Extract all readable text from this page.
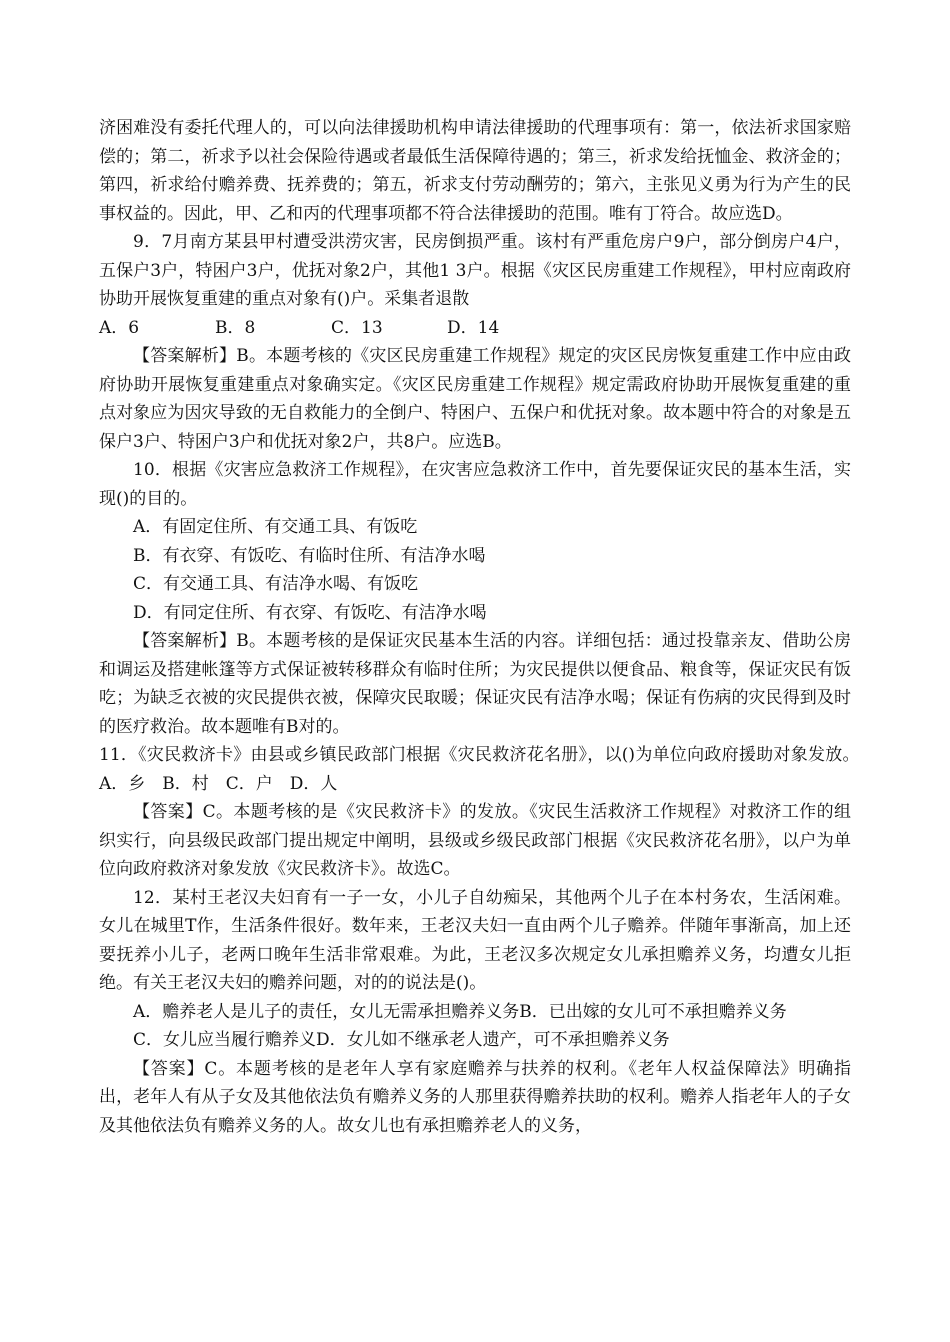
济困难没有委托代理人的，可以向法律援助机构申请法律援助的代理事项有：第一，依法祈求国家赔偿的；第二，祈求予以社会保险待遇或者最低生活保障待遇的；第三，祈求发给抚恤金、救济金的；第四，祈求给付赡养费、抚养费的；第五，祈求支付劳动酬劳的；第六，主张见义勇为行为产生的民事权益的。因此，甲、乙和丙的代理事项都不符合法律援助的范围。唯有丁符合。故应选D。

9．7月南方某县甲村遭受洪涝灾害，民房倒损严重。该村有严重危房户9户，部分倒房户4户，五保户3户，特困户3户，优抚对象2户，其他1 3户。根据《灾区民房重建工作规程》，甲村应南政府协助开展恢复重建的重点对象有()户。采集者退散

A．6	B．8	C．13	D．14

【答案解析】B。本题考核的《灾区民房重建工作规程》规定的灾区民房恢复重建工作中应由政府协助开展恢复重建重点对象确实定。《灾区民房重建工作规程》规定需政府协助开展恢复重建的重点对象应为因灾导致的无自救能力的全倒户、特困户、五保户和优抚对象。故本题中符合的对象是五保户3户、特困户3户和优抚对象2户，共8户。应选B。

10．根据《灾害应急救济工作规程》，在灾害应急救济工作中，首先要保证灾民的基本生活，实现()的目的。

A．有固定住所、有交通工具、有饭吃

B．有衣穿、有饭吃、有临时住所、有洁净水喝

C．有交通工具、有洁净水喝、有饭吃

D．有同定住所、有衣穿、有饭吃、有洁净水喝

【答案解析】B。本题考核的是保证灾民基本生活的内容。详细包括：通过投靠亲友、借助公房和调运及搭建帐篷等方式保证被转移群众有临时住所；为灾民提供以便食品、粮食等，保证灾民有饭吃；为缺乏衣被的灾民提供衣被，保障灾民取暖；保证灾民有洁净水喝；保证有伤病的灾民得到及时的医疗救治。故本题唯有B对的。

11．《灾民救济卡》由县或乡镇民政部门根据《灾民救济花名册》，以()为单位向政府援助对象发放。　A．乡　B．村　C．户　D．人

【答案】C。本题考核的是《灾民救济卡》的发放。《灾民生活救济工作规程》对救济工作的组织实行，向县级民政部门提出规定中阐明，县级或乡级民政部门根据《灾民救济花名册》，以户为单位向政府救济对象发放《灾民救济卡》。故选C。

12．某村王老汉夫妇育有一子一女，小儿子自幼痴呆，其他两个儿子在本村务农，生活闲难。女儿在城里T作，生活条件很好。数年来，王老汉夫妇一直由两个儿子赡养。伴随年事渐高，加上还要抚养小儿子，老两口晚年生活非常艰难。为此，王老汉多次规定女儿承担赡养义务，均遭女儿拒绝。有关王老汉夫妇的赡养问题，对的的说法是()。

A．赡养老人是儿子的责任，女儿无需承担赡养义务B．已出嫁的女儿可不承担赡养义务

C．女儿应当履行赡养义D．女儿如不继承老人遗产，可不承担赡养义务

【答案】C。本题考核的是老年人享有家庭赡养与扶养的权利。《老年人权益保障法》明确指出，老年人有从子女及其他依法负有赡养义务的人那里获得赡养扶助的权利。赡养人指老年人的子女及其他依法负有赡养义务的人。故女儿也有承担赡养老人的义务，
